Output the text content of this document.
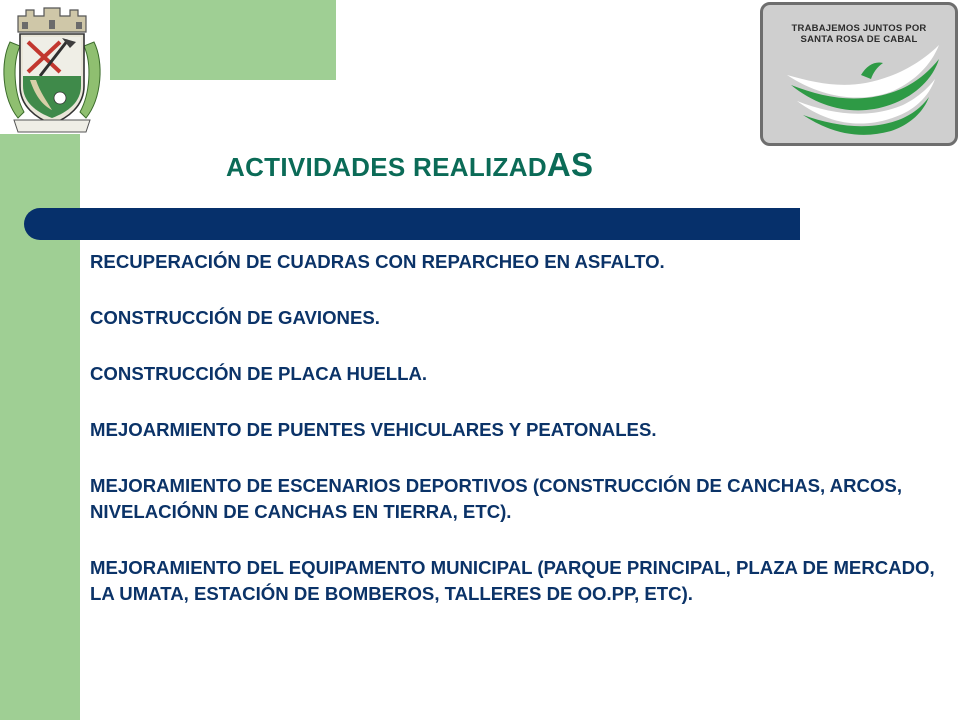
TRABAJEMOS JUNTOS POR
SANTA ROSA DE CABAL
ACTIVIDADES REALIZADAS
RECUPERACIÓN DE CUADRAS CON REPARCHEO EN ASFALTO.
CONSTRUCCIÓN DE GAVIONES.
CONSTRUCCIÓN DE PLACA HUELLA.
MEJOARMIENTO DE PUENTES VEHICULARES Y PEATONALES.
MEJORAMIENTO DE ESCENARIOS DEPORTIVOS (CONSTRUCCIÓN DE CANCHAS, ARCOS, NIVELACIÓNN DE CANCHAS EN TIERRA, ETC).
MEJORAMIENTO DEL EQUIPAMENTO MUNICIPAL (PARQUE PRINCIPAL, PLAZA DE MERCADO, LA UMATA, ESTACIÓN DE BOMBEROS, TALLERES DE OO.PP, ETC).
